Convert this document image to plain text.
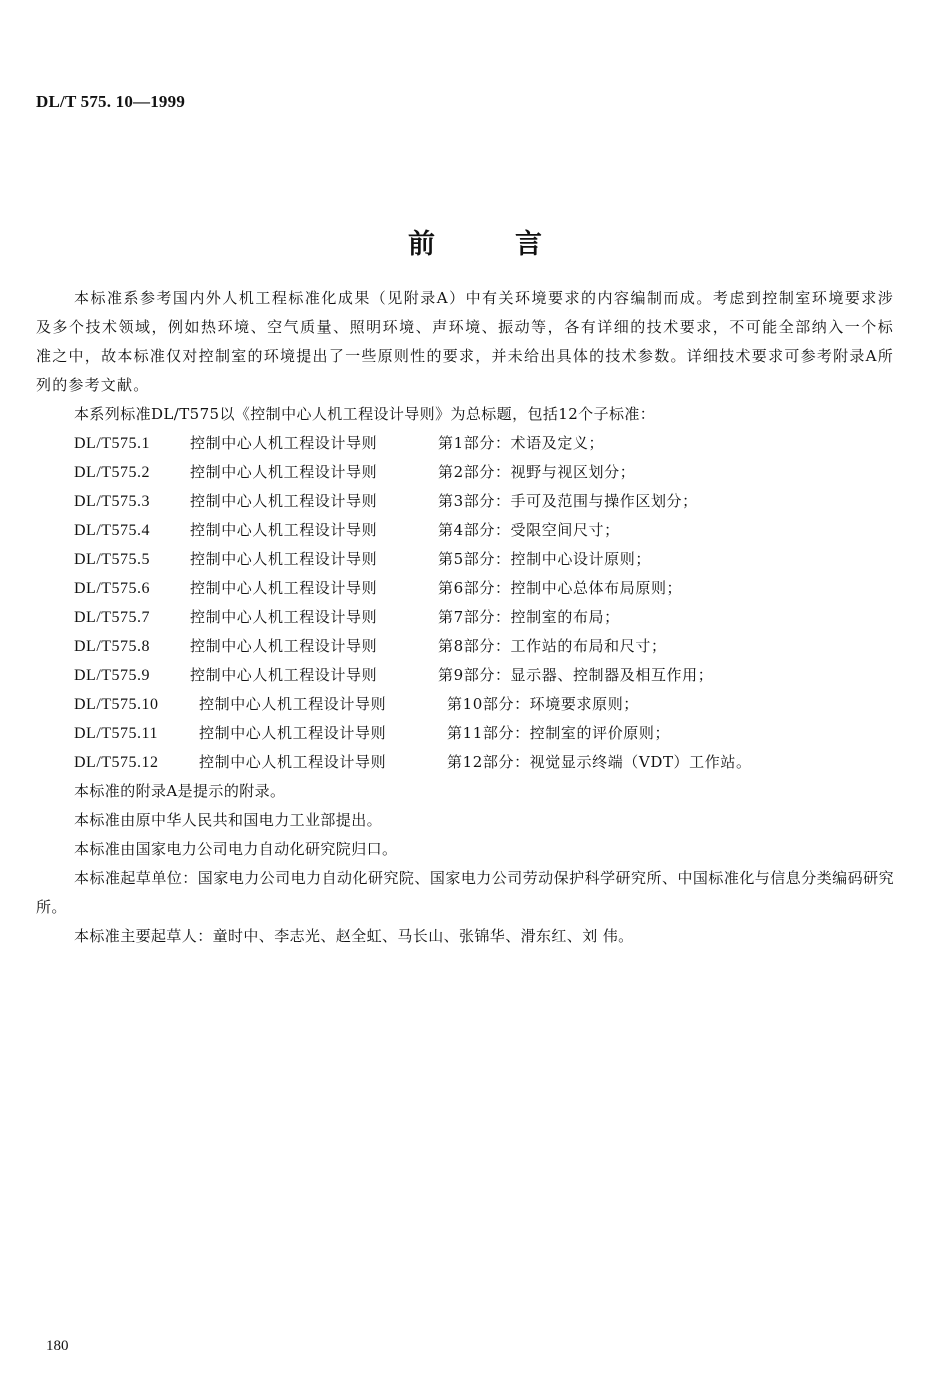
DL/T 575. 10—1999
前言

本标准系参考国内外人机工程标准化成果（见附录A）中有关环境要求的内容编制而成。考虑到控制室环境要求涉及多个技术领域，例如热环境、空气质量、照明环境、声环境、振动等，各有详细的技术要求，不可能全部纳入一个标准之中，故本标准仅对控制室的环境提出了一些原则性的要求，并未给出具体的技术参数。详细技术要求可参考附录A所列的参考文献。

本系列标准DL/T575以《控制中心人机工程设计导则》为总标题，包括12个子标准：

DL/T575.1	控制中心人机工程设计导则	第1部分：术语及定义；
DL/T575.2	控制中心人机工程设计导则	第2部分：视野与视区划分；
DL/T575.3	控制中心人机工程设计导则	第3部分：手可及范围与操作区划分；
DL/T575.4	控制中心人机工程设计导则	第4部分：受限空间尺寸；
DL/T575.5	控制中心人机工程设计导则	第5部分：控制中心设计原则；
DL/T575.6	控制中心人机工程设计导则	第6部分：控制中心总体布局原则；
DL/T575.7	控制中心人机工程设计导则	第7部分：控制室的布局；
DL/T575.8	控制中心人机工程设计导则	第8部分：工作站的布局和尺寸；
DL/T575.9	控制中心人机工程设计导则	第9部分：显示器、控制器及相互作用；
DL/T575.10	控制中心人机工程设计导则	第10部分：环境要求原则；
DL/T575.11	控制中心人机工程设计导则	第11部分：控制室的评价原则；
DL/T575.12	控制中心人机工程设计导则	第12部分：视觉显示终端（VDT）工作站。

本标准的附录A是提示的附录。

本标准由原中华人民共和国电力工业部提出。

本标准由国家电力公司电力自动化研究院归口。

本标准起草单位：国家电力公司电力自动化研究院、国家电力公司劳动保护科学研究所、中国标准化与信息分类编码研究所。

本标准主要起草人：童时中、李志光、赵全虹、马长山、张锦华、滑东红、刘 伟。

180
